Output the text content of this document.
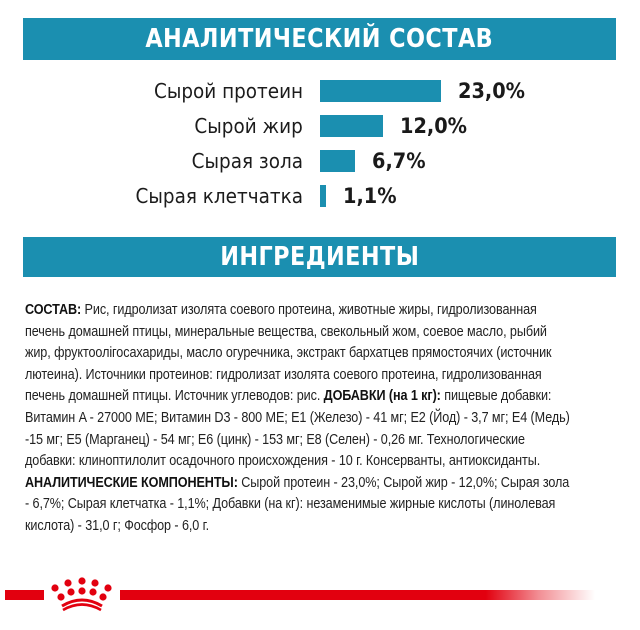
АНАЛИТИЧЕСКИЙ СОСТАВ
Сырой протеин	23,0%
Сырой жир	12,0%
Сырая зола	6,7%
Сырая клетчатка 1,1%
ИНГРЕДИЕНТЫ
СОСТАВ: Рис, гидролизат изолята соевого протеина, животные жиры, гидролизованная
печень домашней птицы, минеральные вещества, свекольный жом, соевое масло, рыбий
жир, фруктоолігосахариды, масло огуречника, экстракт бархатцев прямостоячих (источник
лютеина). Источники протеинов: гидролизат изолята соевого протеина, гидролизованная
печень домашней птицы. Источник углеводов: рис. ДОБАВКИ (на 1 кг): пищевые добавки:
Витамин A - 27000 МЕ; Витамин D3 - 800 МЕ; E1 (Железо) - 41 мг; E2 (Йод) - 3,7 мг; E4 (Медь)
-15 мг; E5 (Марганец) - 54 мг; E6 (цинк) - 153 мг; E8 (Селен) - 0,26 мг. Технологические
добавки: клиноптилолит осадочного происхождения - 10 г. Консерванты, антиоксиданты.
АНАЛИТИЧЕСКИЕ КОМПОНЕНТЫ: Сырой протеин - 23,0%; Сырой жир - 12,0%; Сырая зола
- 6,7%; Сырая клетчатка - 1,1%; Добавки (на кг): незаменимые жирные кислоты (линолевая
кислота) - 31,0 г; Фосфор - 6,0 г.
